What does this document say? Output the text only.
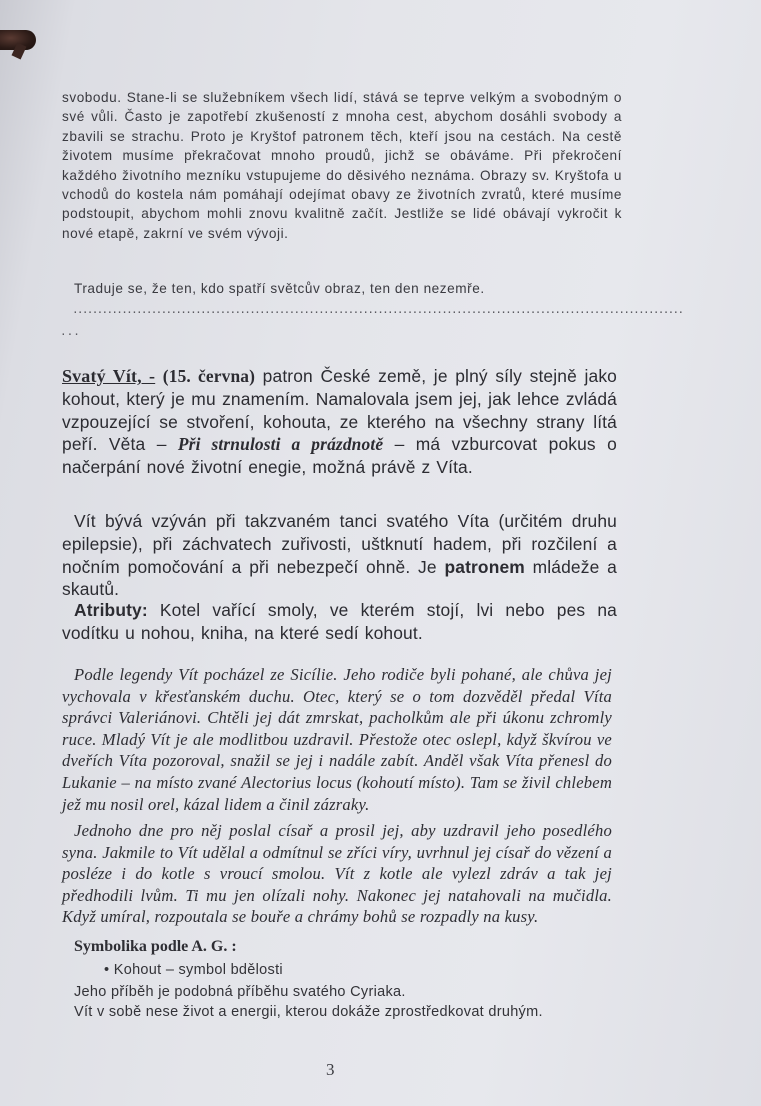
svobodu. Stane-li se služebníkem všech lidí, stává se teprve velkým a svobodným o své vůli. Často je zapotřebí zkušeností z mnoha cest, abychom dosáhli svobody a zbavili se strachu. Proto je Kryštof patronem těch, kteří jsou na cestách. Na cestě životem musíme překračovat mnoho proudů, jichž se obáváme. Při překročení každého životního mezníku vstupujeme do děsivého neznáma. Obrazy sv. Kryštofa u vchodů do kostela nám pomáhají odejímat obavy ze životních zvratů, které musíme podstoupit, abychom mohli znovu kvalitně začít. Jestliže se lidé obávají vykročit k nové etapě, zakrní ve svém vývoji.

Traduje se, že ten, kdo spatří světcův obraz, ten den nezemře.

............................................................................................................................
...

Svatý Vít, - (15. června) patron České země, je plný síly stejně jako kohout, který je mu znamením. Namalovala jsem jej, jak lehce zvládá vzpouzející se stvoření, kohouta, ze kterého na všechny strany lítá peří. Věta – Při strnulosti a prázdnotě – má vzburcovat pokus o načerpání nové životní enegie, možná právě z Víta.

Vít bývá vzýván při takzvaném tanci svatého Víta (určitém druhu epilepsie), při záchvatech zuřivosti, uštknutí hadem, při rozčilení a nočním pomočování a při nebezpečí ohně. Je patronem mládeže a skautů.

Atributy: Kotel vařící smoly, ve kterém stojí, lvi nebo pes na vodítku u nohou, kniha, na které sedí kohout.

Podle legendy Vít pocházel ze Sicílie. Jeho rodiče byli pohané, ale chůva jej vychovala v křesťanském duchu. Otec, který se o tom dozvěděl předal Víta správci Valeriánovi. Chtěli jej dát zmrskat, pacholkům ale při úkonu zchromly ruce. Mladý Vít je ale modlitbou uzdravil. Přestože otec oslepl, když škvírou ve dveřích Víta pozoroval, snažil se jej i nadále zabít. Anděl však Víta přenesl do Lukanie – na místo zvané Alectorius locus (kohoutí místo). Tam se živil chlebem jež mu nosil orel, kázal lidem a činil zázraky.

Jednoho dne pro něj poslal císař a prosil jej, aby uzdravil jeho posedlého syna. Jakmile to Vít udělal a odmítnul se zříci víry, uvrhnul jej císař do vězení a posléze i do kotle s vroucí smolou. Vít z kotle ale vylezl zdráv a tak jej předhodili lvům. Ti mu jen olízali nohy. Nakonec jej natahovali na mučidla. Když umíral, rozpoutala se bouře a chrámy bohů se rozpadly na kusy.

Symbolika podle A. G. :
• Kohout – symbol bdělosti
Jeho příběh je podobná příběhu svatého Cyriaka.
Vít v sobě nese život a energii, kterou dokáže zprostředkovat druhým.
3
